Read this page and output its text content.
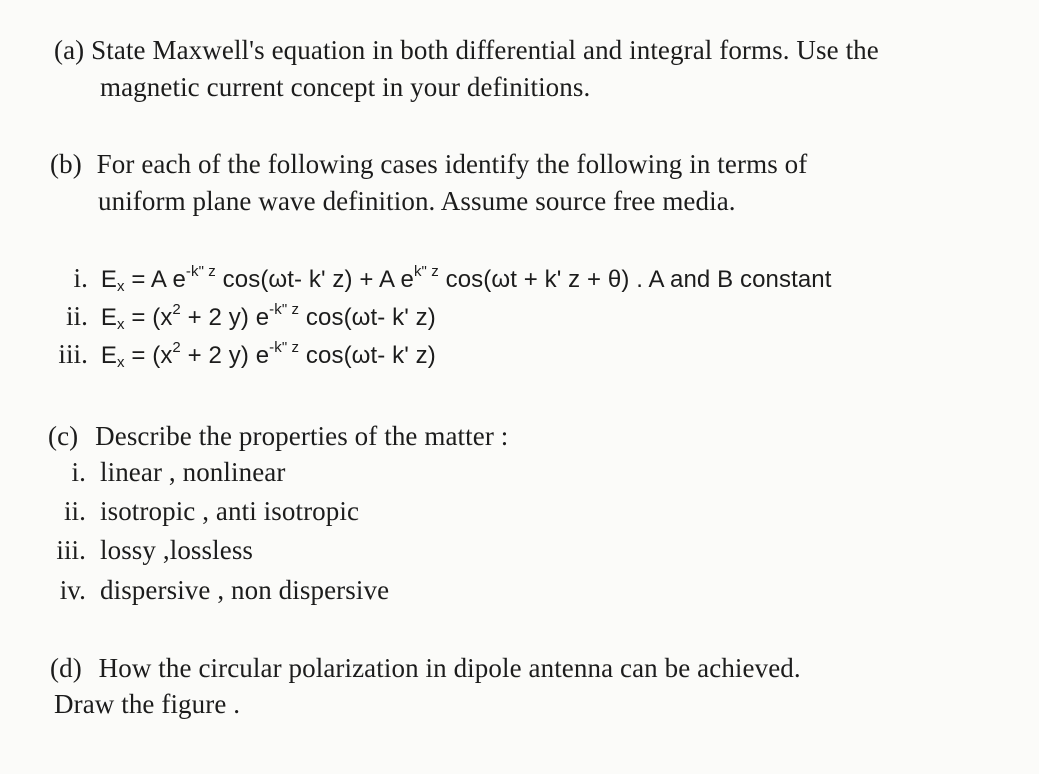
(a) State Maxwell's equation in both differential and integral forms. Use the
magnetic current concept in your definitions.
(b) For each of the following cases identify the following in terms of
uniform plane wave definition. Assume source free media.
i. $E_x = A$ $e^{-k" z}$ cos(ωt- k' z) + A $e^{k" z}$ cos(ωt + k' z + θ) . A and B constant
ii. $E_x = (x^2 + 2$ y) $e^{-k" z}$ cos(ωt- k' z)
iii. $E_x = (x^2 + 2$ y) $e^{-k" z}$ cos(ωt- k' z)
(c) Describe the properties of the matter :
i. linear , nonlinear
ii. isotropic , anti isotropic
iii. lossy ,lossless
iv. dispersive , non dispersive
(d) How the circular polarization in dipole antenna can be achieved.
Draw the figure .
